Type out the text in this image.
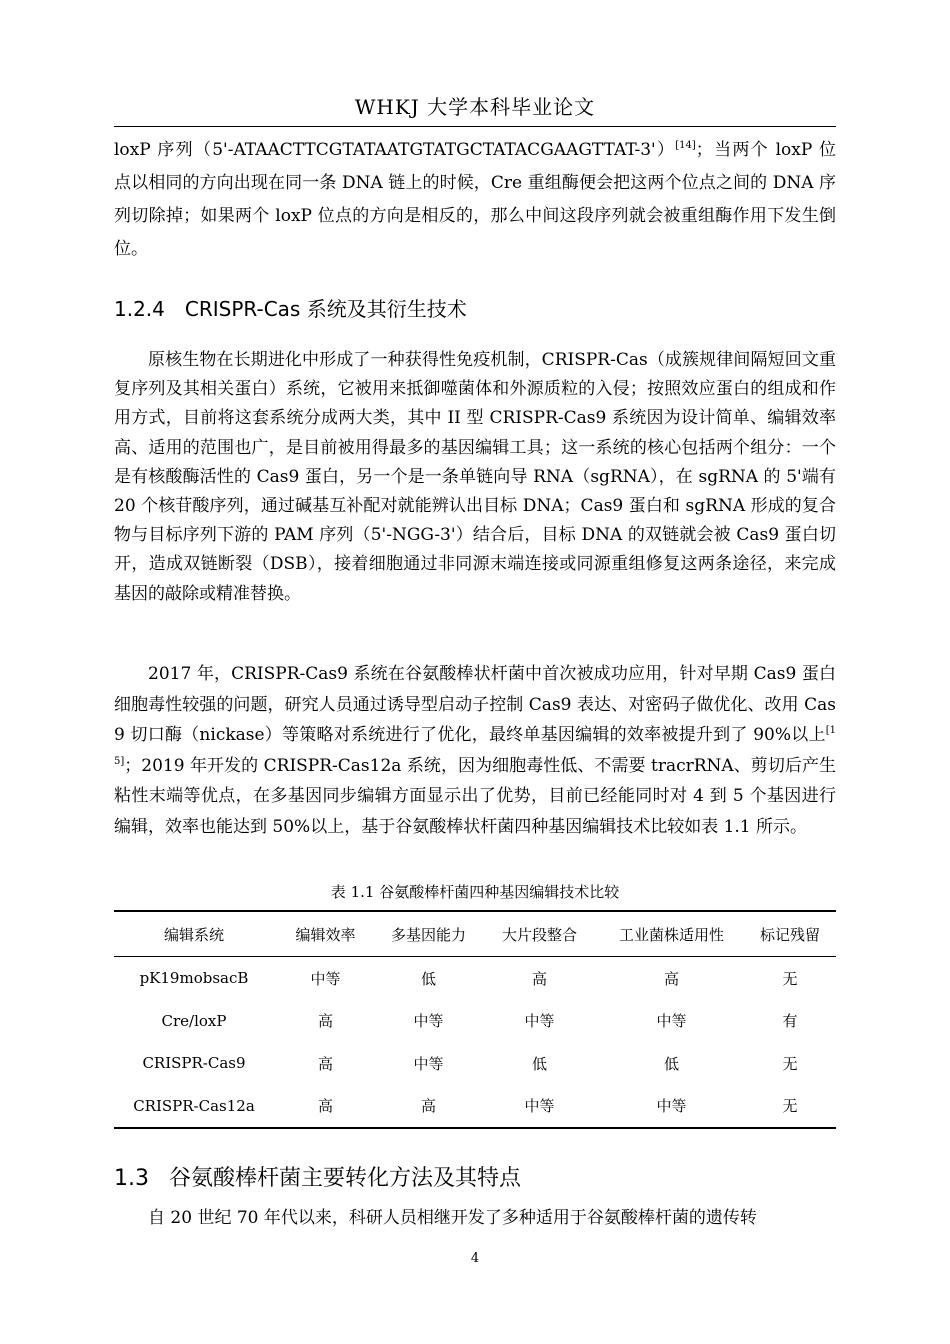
WHKJ 大学本科毕业论文

loxP 序列（5'-ATAACTTCGTATAATGTATGCTATACGAAGTTAT-3'）[14]；当两个 loxP 位点以相同的方向出现在同一条 DNA 链上的时候，Cre 重组酶便会把这两个位点之间的 DNA 序列切除掉；如果两个 loxP 位点的方向是相反的，那么中间这段序列就会被重组酶作用下发生倒位。

1.2.4 CRISPR-Cas 系统及其衍生技术

原核生物在长期进化中形成了一种获得性免疫机制，CRISPR-Cas（成簇规律间隔短回文重复序列及其相关蛋白）系统，它被用来抵御噬菌体和外源质粒的入侵；按照效应蛋白的组成和作用方式，目前将这套系统分成两大类，其中 II 型 CRISPR-Cas9 系统因为设计简单、编辑效率高、适用的范围也广，是目前被用得最多的基因编辑工具；这一系统的核心包括两个组分：一个是有核酸酶活性的 Cas9 蛋白，另一个是一条单链向导 RNA（sgRNA），在 sgRNA 的 5'端有 20 个核苷酸序列，通过碱基互补配对就能辨认出目标 DNA；Cas9 蛋白和 sgRNA 形成的复合物与目标序列下游的 PAM 序列（5'-NGG-3'）结合后，目标 DNA 的双链就会被 Cas9 蛋白切开，造成双链断裂（DSB），接着细胞通过非同源末端连接或同源重组修复这两条途径，来完成基因的敲除或精准替换。

2017 年，CRISPR-Cas9 系统在谷氨酸棒状杆菌中首次被成功应用，针对早期 Cas9 蛋白细胞毒性较强的问题，研究人员通过诱导型启动子控制 Cas9 表达、对密码子做优化、改用 Cas9 切口酶（nickase）等策略对系统进行了优化，最终单基因编辑的效率被提升到了 90%以上[15]；2019 年开发的 CRISPR-Cas12a 系统，因为细胞毒性低、不需要 tracrRNA、剪切后产生粘性末端等优点，在多基因同步编辑方面显示出了优势，目前已经能同时对 4 到 5 个基因进行编辑，效率也能达到 50%以上，基于谷氨酸棒状杆菌四种基因编辑技术比较如表 1.1 所示。

表 1.1 谷氨酸棒杆菌四种基因编辑技术比较
编辑系统	编辑效率	多基因能力	大片段整合	工业菌株适用性	标记残留
pK19mobsacB	中等	低	高	高	无
Cre/loxP	高	中等	中等	中等	有
CRISPR-Cas9	高	中等	低	低	无
CRISPR-Cas12a	高	高	中等	中等	无
1.3 谷氨酸棒杆菌主要转化方法及其特点

自 20 世纪 70 年代以来，科研人员相继开发了多种适用于谷氨酸棒杆菌的遗传转

4
